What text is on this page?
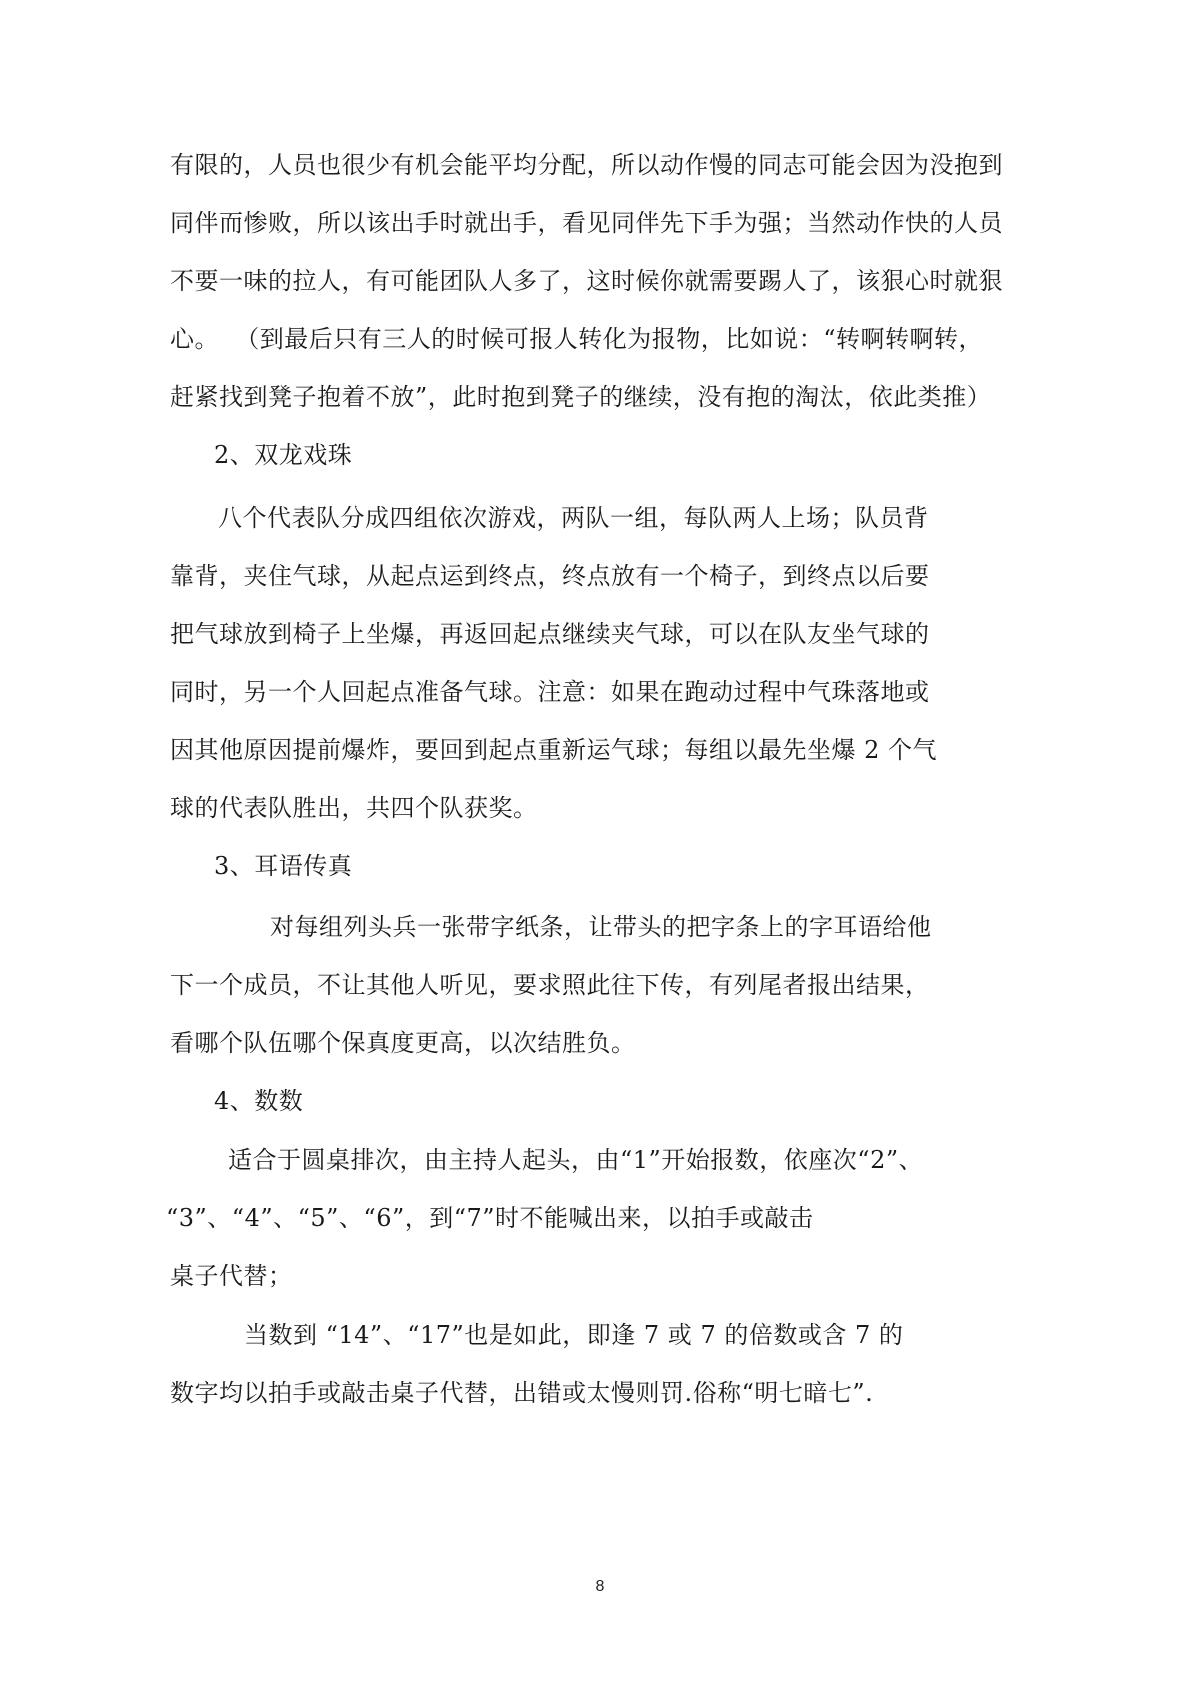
有限的，人员也很少有机会能平均分配，所以动作慢的同志可能会因为没抱到
同伴而惨败，所以该出手时就出手，看见同伴先下手为强；当然动作快的人员
不要一味的拉人，有可能团队人多了，这时候你就需要踢人了，该狠心时就狠
心。  （到最后只有三人的时候可报人转化为报物，比如说：“转啊转啊转，
赶紧找到凳子抱着不放”，此时抱到凳子的继续，没有抱的淘汰，依此类推）
2、双龙戏珠
八个代表队分成四组依次游戏，两队一组，每队两人上场；队员背
靠背，夹住气球，从起点运到终点，终点放有一个椅子，到终点以后要
把气球放到椅子上坐爆，再返回起点继续夹气球，可以在队友坐气球的
同时，另一个人回起点准备气球。注意：如果在跑动过程中气珠落地或
因其他原因提前爆炸，要回到起点重新运气球；每组以最先坐爆 2 个气
球的代表队胜出，共四个队获奖。
3、耳语传真
对每组列头兵一张带字纸条，让带头的把字条上的字耳语给他
下一个成员，不让其他人听见，要求照此往下传，有列尾者报出结果，
看哪个队伍哪个保真度更高，以次结胜负。
4、数数
适合于圆桌排次，由主持人起头，由“1”开始报数，依座次“2”、
“3”、“4”、“5”、“6”，到“7”时不能喊出来，以拍手或敲击
桌子代替；
当数到 “14”、“17”也是如此，即逢 7 或 7 的倍数或含 7 的
数字均以拍手或敲击桌子代替，出错或太慢则罚.俗称“明七暗七”.
8
